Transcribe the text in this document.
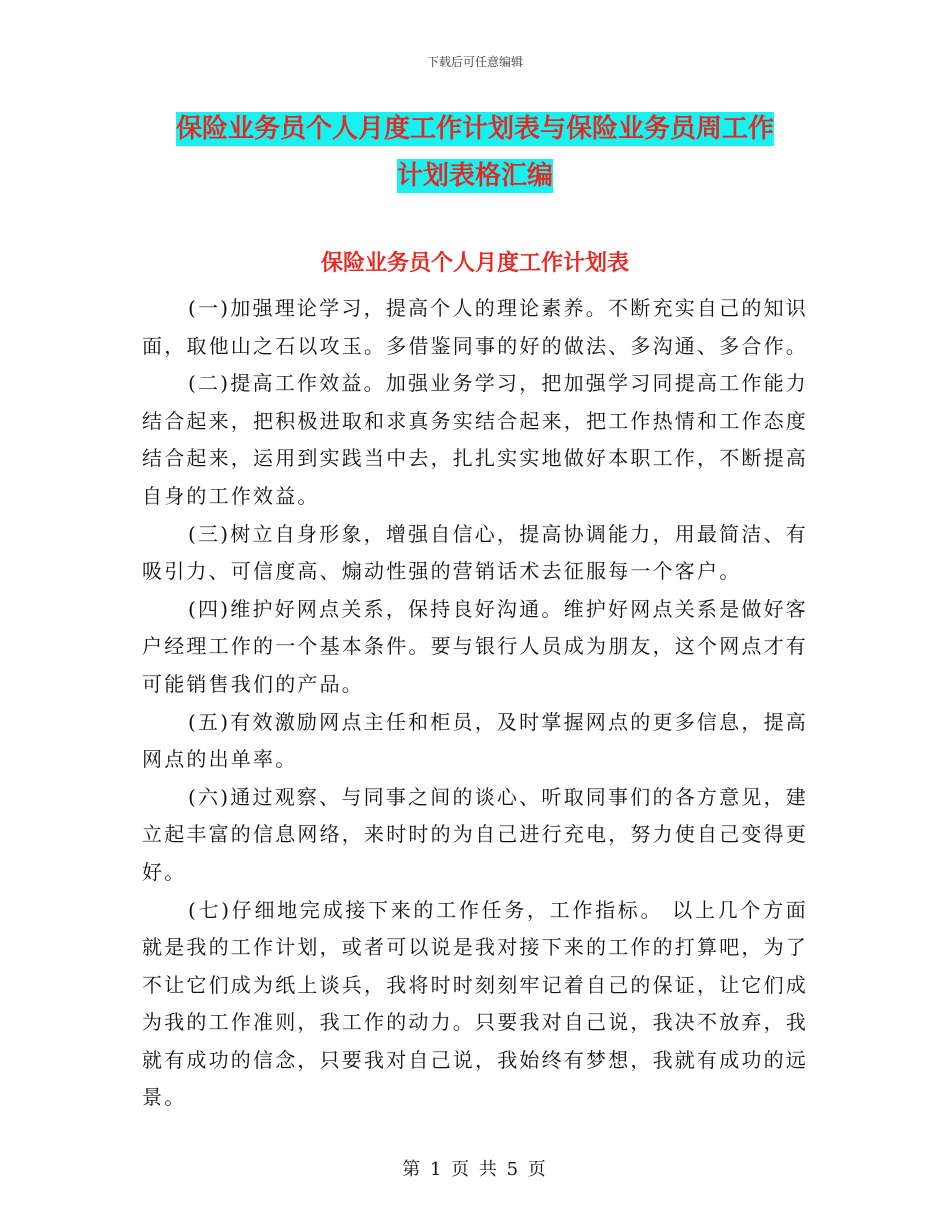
下载后可任意编辑
保险业务员个人月度工作计划表与保险业务员周工作
计划表格汇编
保险业务员个人月度工作计划表

(一)加强理论学习，提高个人的理论素养。不断充实自己的知识面，取他山之石以攻玉。多借鉴同事的好的做法、多沟通、多合作。

(二)提高工作效益。加强业务学习，把加强学习同提高工作能力结合起来，把积极进取和求真务实结合起来，把工作热情和工作态度结合起来，运用到实践当中去，扎扎实实地做好本职工作，不断提高自身的工作效益。

(三)树立自身形象，增强自信心，提高协调能力，用最简洁、有吸引力、可信度高、煽动性强的营销话术去征服每一个客户。

(四)维护好网点关系，保持良好沟通。维护好网点关系是做好客户经理工作的一个基本条件。要与银行人员成为朋友，这个网点才有可能销售我们的产品。

(五)有效激励网点主任和柜员，及时掌握网点的更多信息，提高网点的出单率。

(六)通过观察、与同事之间的谈心、听取同事们的各方意见，建立起丰富的信息网络，来时时的为自己进行充电，努力使自己变得更好。

(七)仔细地完成接下来的工作任务，工作指标。 以上几个方面就是我的工作计划，或者可以说是我对接下来的工作的打算吧，为了不让它们成为纸上谈兵，我将时时刻刻牢记着自己的保证，让它们成为我的工作准则，我工作的动力。只要我对自己说，我决不放弃，我就有成功的信念，只要我对自己说，我始终有梦想，我就有成功的远景。

第 1 页 共 5 页
